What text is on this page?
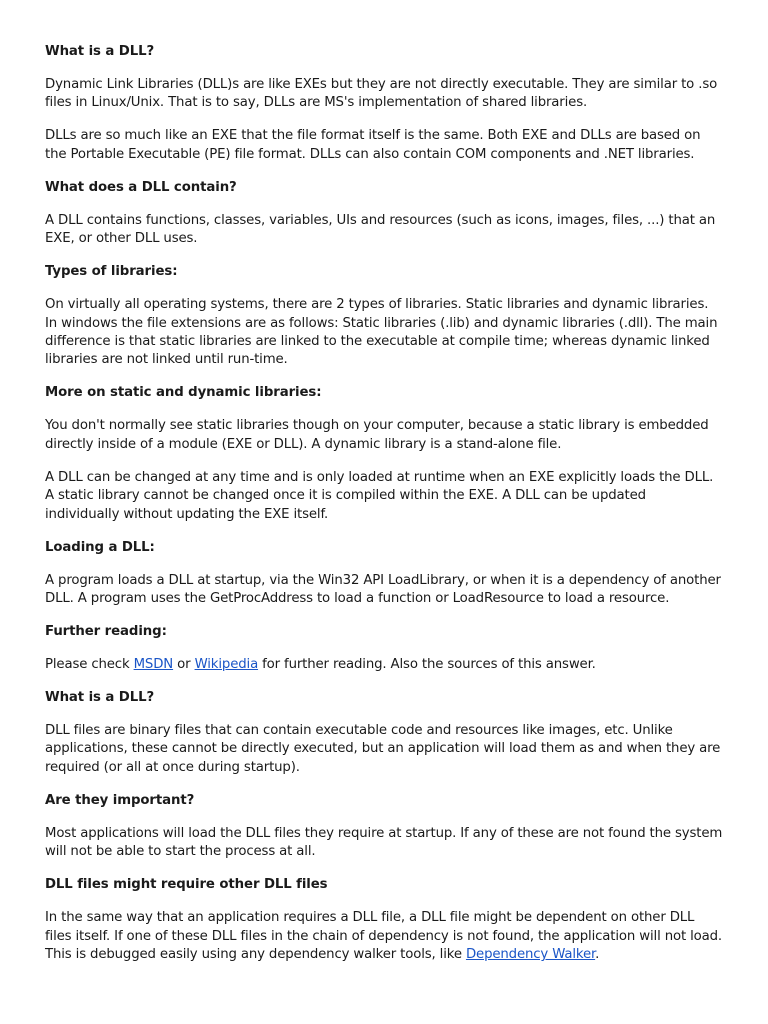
What is a DLL?

Dynamic Link Libraries (DLL)s are like EXEs but they are not directly executable. They are similar to .so files in Linux/Unix. That is to say, DLLs are MS's implementation of shared libraries.

DLLs are so much like an EXE that the file format itself is the same. Both EXE and DLLs are based on the Portable Executable (PE) file format. DLLs can also contain COM components and .NET libraries.

What does a DLL contain?

A DLL contains functions, classes, variables, UIs and resources (such as icons, images, files, ...) that an EXE, or other DLL uses.

Types of libraries:

On virtually all operating systems, there are 2 types of libraries. Static libraries and dynamic libraries. In windows the file extensions are as follows: Static libraries (.lib) and dynamic libraries (.dll). The main difference is that static libraries are linked to the executable at compile time; whereas dynamic linked libraries are not linked until run-time.

More on static and dynamic libraries:

You don't normally see static libraries though on your computer, because a static library is embedded directly inside of a module (EXE or DLL). A dynamic library is a stand-alone file.

A DLL can be changed at any time and is only loaded at runtime when an EXE explicitly loads the DLL. A static library cannot be changed once it is compiled within the EXE. A DLL can be updated individually without updating the EXE itself.

Loading a DLL:

A program loads a DLL at startup, via the Win32 API LoadLibrary, or when it is a dependency of another DLL. A program uses the GetProcAddress to load a function or LoadResource to load a resource.

Further reading:

Please check MSDN or Wikipedia for further reading. Also the sources of this answer.

What is a DLL?

DLL files are binary files that can contain executable code and resources like images, etc. Unlike applications, these cannot be directly executed, but an application will load them as and when they are required (or all at once during startup).

Are they important?

Most applications will load the DLL files they require at startup. If any of these are not found the system will not be able to start the process at all.

DLL files might require other DLL files

In the same way that an application requires a DLL file, a DLL file might be dependent on other DLL files itself. If one of these DLL files in the chain of dependency is not found, the application will not load. This is debugged easily using any dependency walker tools, like Dependency Walker.
